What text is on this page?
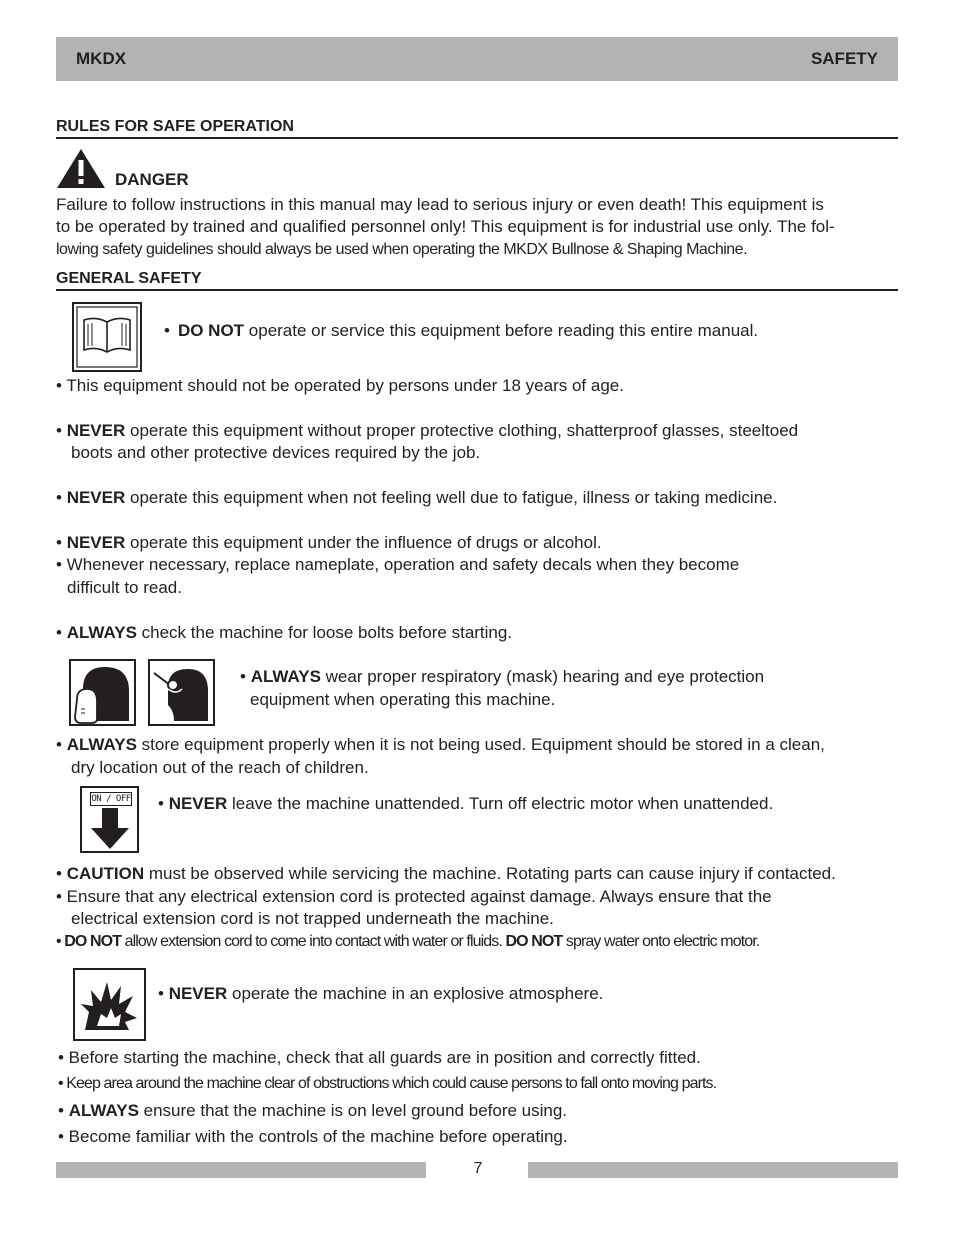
MKDX	SAFETY
RULES FOR SAFE OPERATION
DANGER
Failure to follow instructions in this manual may lead to serious injury or even death! This equipment is
to be operated by trained and qualified personnel only! This equipment is for industrial use only. The fol-
lowing safety guidelines should always be used when operating the MKDX Bullnose & Shaping Machine.
GENERAL SAFETY
• DO NOT operate or service this equipment before reading this entire manual.
• This equipment should not be operated by persons under 18 years of age.
• NEVER operate this equipment without proper protective clothing, shatterproof glasses, steeltoed
boots and other protective devices required by the job.
• NEVER operate this equipment when not feeling well due to fatigue, illness or taking medicine.
• NEVER operate this equipment under the influence of drugs or alcohol.
• Whenever necessary, replace nameplate, operation and safety decals when they become
difficult to read.
• ALWAYS check the machine for loose bolts before starting.
• ALWAYS wear proper respiratory (mask) hearing and eye protection
equipment when operating this machine.
• ALWAYS store equipment properly when it is not being used. Equipment should be stored in a clean,
dry location out of the reach of children.
ON / OFF • NEVER leave the machine unattended. Turn off electric motor when unattended.
• CAUTION must be observed while servicing the machine. Rotating parts can cause injury if contacted.
• Ensure that any electrical extension cord is protected against damage. Always ensure that the
electrical extension cord is not trapped underneath the machine.
• DO NOT allow extension cord to come into contact with water or fluids. DO NOT spray water onto electric motor.
• NEVER operate the machine in an explosive atmosphere.
• Before starting the machine, check that all guards are in position and correctly fitted.
• Keep area around the machine clear of obstructions which could cause persons to fall onto moving parts.
• ALWAYS ensure that the machine is on level ground before using.
• Become familiar with the controls of the machine before operating.
7
